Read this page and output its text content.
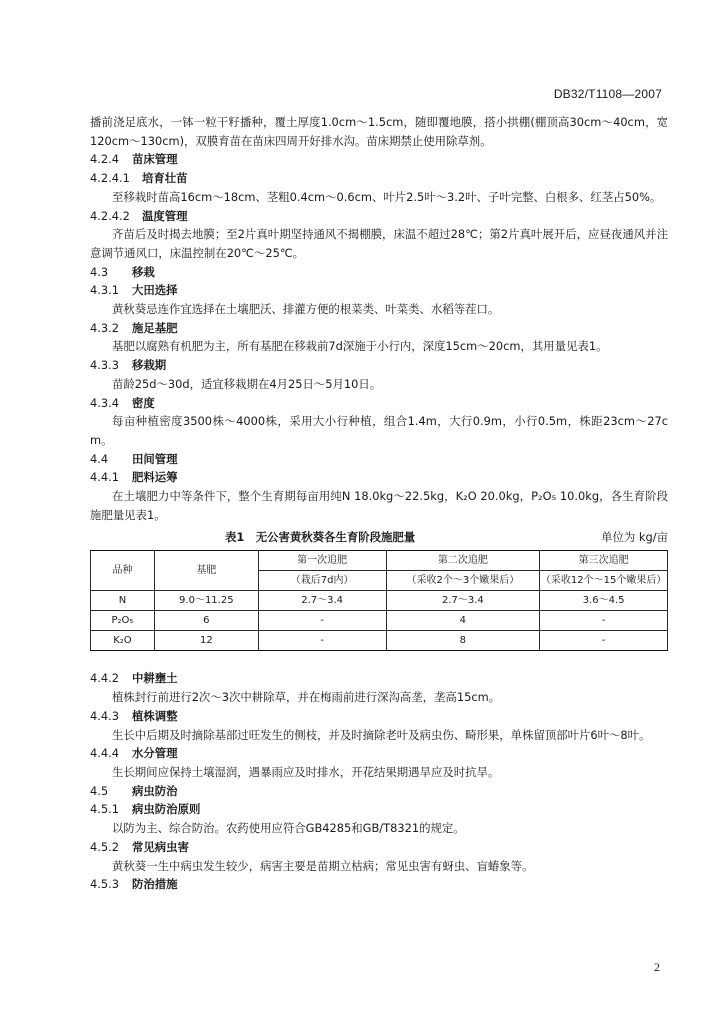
DB32/T1108—2007

播前浇足底水，一钵一粒干籽播种，覆土厚度1.0cm～1.5cm，随即覆地膜，搭小拱棚(棚顶高30cm～40cm，宽120cm～130cm)，双膜育苗在苗床四周开好排水沟。苗床期禁止使用除草剂。

4.2.4 苗床管理
4.2.4.1 培育壮苗

至移栽时苗高16cm～18cm、茎粗0.4cm～0.6cm、叶片2.5叶～3.2叶、子叶完整、白根多、红茎占50%。

4.2.4.2 温度管理

齐苗后及时揭去地膜；至2片真叶期坚持通风不揭棚膜，床温不超过28℃；第2片真叶展开后，应昼夜通风并注意调节通风口，床温控制在20℃～25℃。

4.3 移栽
4.3.1 大田选择

黄秋葵忌连作宜选择在土壤肥沃、排灌方便的根菜类、叶菜类、水稻等茬口。

4.3.2 施足基肥

基肥以腐熟有机肥为主，所有基肥在移栽前7d深施于小行内，深度15cm～20cm，其用量见表1。

4.3.3 移栽期

苗龄25d～30d，适宜移栽期在4月25日～5月10日。

4.3.4 密度

每亩种植密度3500株～4000株，采用大小行种植，组合1.4m，大行0.9m，小行0.5m，株距23cm～27cm。

4.4 田间管理
4.4.1 肥料运筹

在土壤肥力中等条件下，整个生育期每亩用纯N 18.0kg～22.5kg，K₂O 20.0kg，P₂O₅ 10.0kg，各生育阶段施肥量见表1。

表1　无公害黄秋葵各生育阶段施肥量	单位为 kg/亩
品种	基肥	第一次追肥	第二次追肥	第三次追肥
		（栽后7d内）	（采收2个～3个嫩果后）	（采收12个～15个嫩果后）
N	9.0～11.25	2.7～3.4	2.7～3.4	3.6～4.5
P₂O₅	6	-	4	-
K₂O	12	-	8	-
4.4.2 中耕壅土

植株封行前进行2次～3次中耕除草，并在梅雨前进行深沟高垄，垄高15cm。

4.4.3 植株调整

生长中后期及时摘除基部过旺发生的侧枝，并及时摘除老叶及病虫伤、畸形果，单株留顶部叶片6叶～8叶。

4.4.4 水分管理

生长期间应保持土壤湿润，遇暴雨应及时排水，开花结果期遇旱应及时抗旱。

4.5 病虫防治
4.5.1 病虫防治原则

以防为主、综合防治。农药使用应符合GB4285和GB/T8321的规定。

4.5.2 常见病虫害

黄秋葵一生中病虫发生较少，病害主要是苗期立枯病；常见虫害有蚜虫、盲蝽象等。

4.5.3 防治措施
2
